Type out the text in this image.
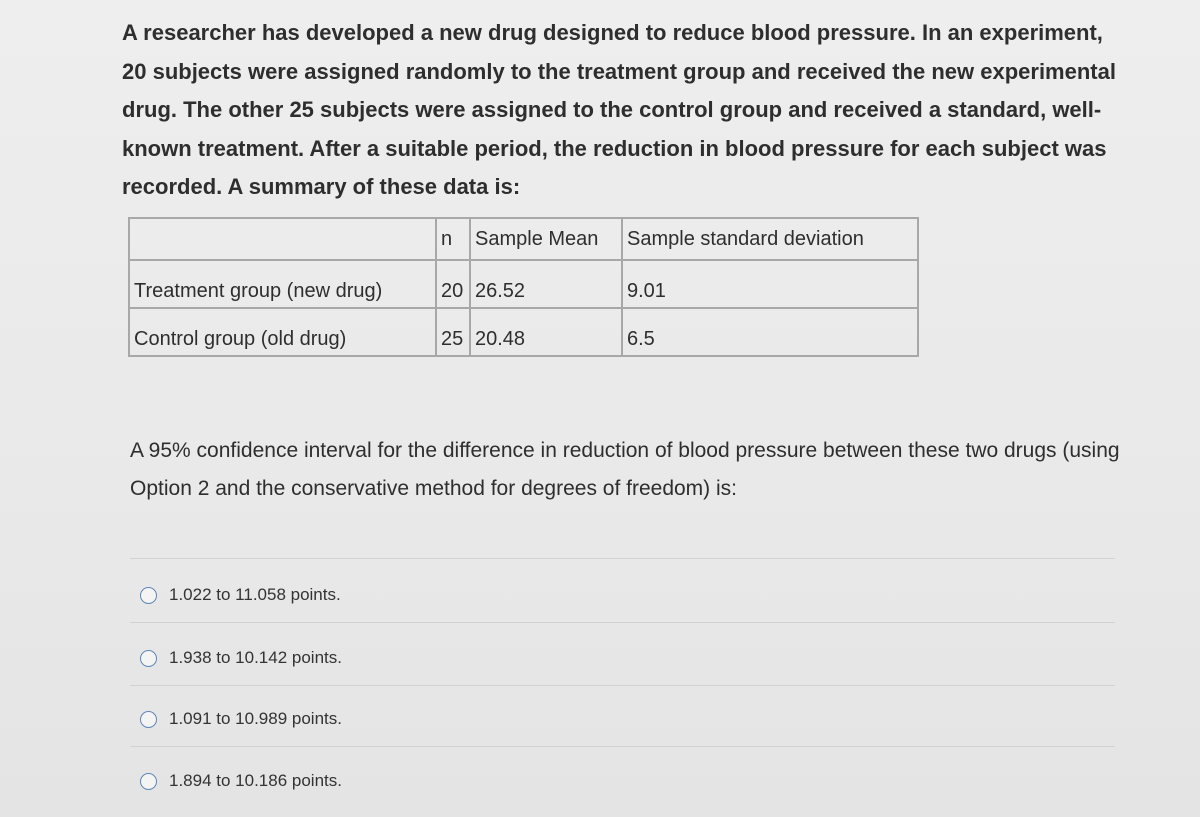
A researcher has developed a new drug designed to reduce blood pressure. In an experiment, 20 subjects were assigned randomly to the treatment group and received the new experimental drug. The other 25 subjects were assigned to the control group and received a standard, well-known treatment. After a suitable period, the reduction in blood pressure for each subject was recorded. A summary of these data is:

	n	Sample Mean	Sample standard deviation
Treatment group (new drug)	20	26.52	9.01
Control group (old drug)	25	20.48	6.5

A 95% confidence interval for the difference in reduction of blood pressure between these two drugs (using Option 2 and the conservative method for degrees of freedom) is:

1.022 to 11.058 points.
1.938 to 10.142 points.
1.091 to 10.989 points.
1.894 to 10.186 points.
